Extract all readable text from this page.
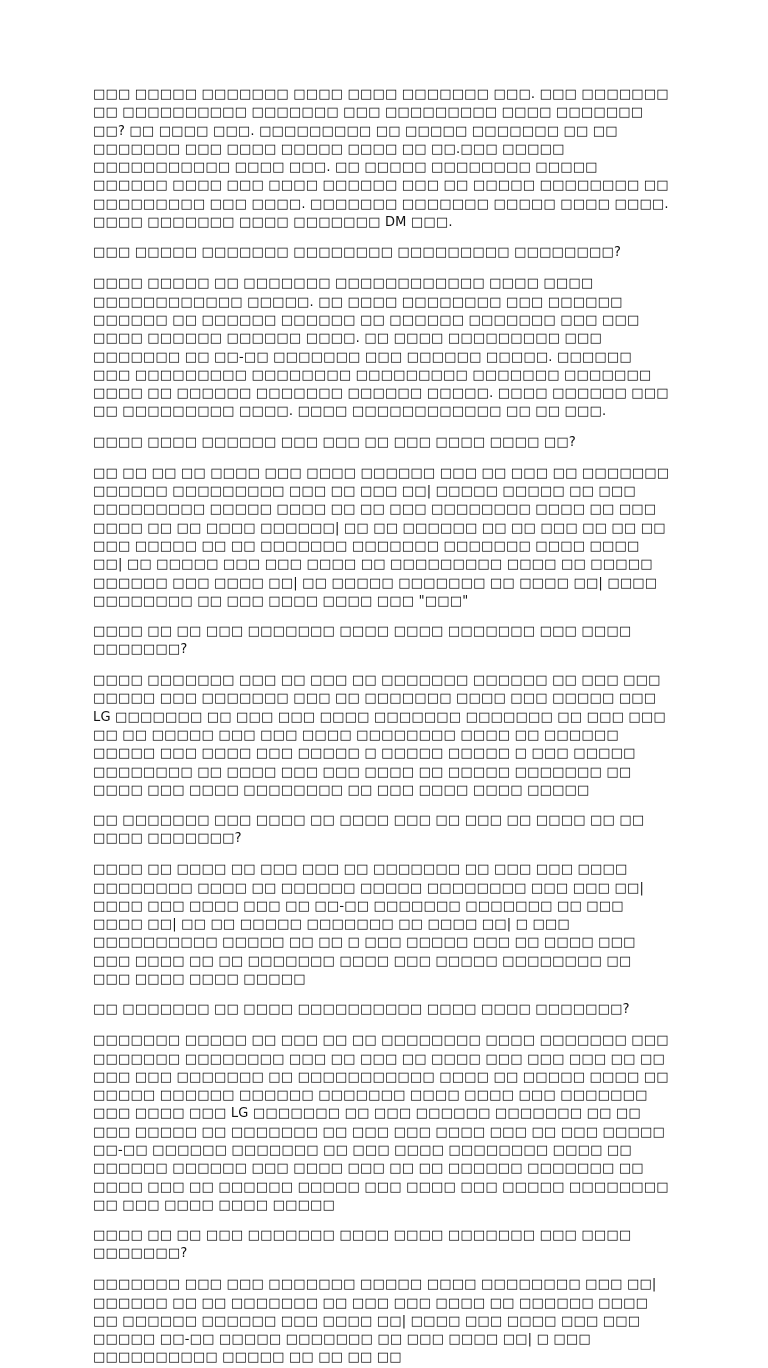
□□□ □□□□□ □□□□□□□ □□□□ □□□□ □□□□□□□ □□□. □□□ □□□□□□□ □□ □□□□□□□□□□ □□□□□□□ □□□ □□□□□□□□□ □□□□ □□□□□□□ □□? □□ □□□□ □□□. □□□□□□□□□ □□ □□□□□ □□□□□□□ □□ □□ □□□□□□□ □□□ □□□□ □□□□□ □□□□ □□ □□.□□□ □□□□□ □□□□□□□□□□□ □□□□ □□□. □□ □□□□□ □□□□□□□□ □□□□□ □□□□□□ □□□□ □□□ □□□□ □□□□□□ □□□ □□ □□□□□ □□□□□□□□ □□ □□□□□□□□□ □□□ □□□□. □□□□□□□ □□□□□□□ □□□□□ □□□□ □□□□. □□□□ □□□□□□□ □□□□ □□□□□□□ DM □□□.

□□□ □□□□□ □□□□□□□ □□□□□□□□ □□□□□□□□□ □□□□□□□□?

□□□□ □□□□□ □□ □□□□□□□ □□□□□□□□□□□□ □□□□ □□□□ □□□□□□□□□□□□ □□□□□. □□ □□□□ □□□□□□□□ □□□ □□□□□□ □□□□□□ □□ □□□□□□ □□□□□□ □□ □□□□□□ □□□□□□□ □□□ □□□ □□□□ □□□□□□ □□□□□□ □□□□. □□ □□□□ □□□□□□□□□ □□□ □□□□□□□ □□ □□-□□ □□□□□□□ □□□ □□□□□□ □□□□□. □□□□□□ □□□ □□□□□□□□□ □□□□□□□□ □□□□□□□□□ □□□□□□□ □□□□□□□ □□□□ □□ □□□□□□ □□□□□□□ □□□□□□ □□□□□. □□□□ □□□□□□ □□□ □□ □□□□□□□□□ □□□□. □□□□ □□□□□□□□□□□□ □□ □□ □□□.

□□□□ □□□□ □□□□□□ □□□ □□□ □□ □□□ □□□□ □□□□ □□?

□□ □□ □□ □□ □□□□ □□□ □□□□ □□□□□□ □□□ □□ □□□ □□ □□□□□□□ □□□□□□ □□□□□□□□□ □□□ □□ □□□ □□| □□□□□ □□□□□ □□ □□□ □□□□□□□□□ □□□□□ □□□□ □□ □□ □□□ □□□□□□□□ □□□□ □□ □□□ □□□□ □□ □□ □□□□ □□□□□□| □□ □□ □□□□□□ □□ □□ □□□ □□ □□ □□ □□□ □□□□□ □□ □□ □□□□□□□ □□□□□□□ □□□□□□□ □□□□ □□□□ □□| □□ □□□□□ □□□ □□□ □□□□ □□ □□□□□□□□□ □□□□ □□ □□□□□ □□□□□□ □□□ □□□□ □□| □□ □□□□□ □□□□□□□ □□ □□□□ □□| □□□□ □□□□□□□□ □□ □□□ □□□□ □□□□ □□□ "□□□"

□□□□ □□ □□ □□□ □□□□□□□ □□□□ □□□□ □□□□□□□ □□□ □□□□ □□□□□□□?

□□□□ □□□□□□□ □□□ □□ □□□ □□ □□□□□□□ □□□□□□ □□ □□□ □□□ □□□□□ □□□ □□□□□□□ □□□ □□ □□□□□□□ □□□□ □□□ □□□□□ □□□ LG □□□□□□□ □□ □□□ □□□ □□□□ □□□□□□□ □□□□□□□ □□ □□□ □□□ □□ □□ □□□□□ □□□ □□□ □□□□ □□□□□□□□ □□□□ □□ □□□□□□ □□□□□ □□□ □□□□ □□□ □□□□□ □ □□□□□ □□□□□ □ □□□ □□□□□ □□□□□□□□ □□ □□□□ □□□ □□□ □□□□ □□ □□□□□ □□□□□□□ □□ □□□□ □□□ □□□□ □□□□□□□□ □□ □□□ □□□□ □□□□ □□□□□

□□ □□□□□□□ □□□ □□□□ □□ □□□□ □□□ □□ □□□ □□ □□□□ □□ □□ □□□□ □□□□□□□?

□□□□ □□ □□□□ □□ □□□ □□□ □□ □□□□□□□ □□ □□□ □□□ □□□□ □□□□□□□□ □□□□ □□ □□□□□□ □□□□□ □□□□□□□□ □□□ □□□ □□| □□□□ □□□ □□□□ □□□ □□ □□-□□ □□□□□□□ □□□□□□□ □□ □□□ □□□□ □□| □□ □□ □□□□□ □□□□□□□ □□ □□□□ □□| □ □□□ □□□□□□□□□□ □□□□□ □□ □□ □ □□□ □□□□□ □□□ □□ □□□□ □□□ □□□ □□□□ □□ □□ □□□□□□□ □□□□ □□□ □□□□□ □□□□□□□□ □□ □□□ □□□□ □□□□ □□□□□

□□ □□□□□□□ □□ □□□□ □□□□□□□□□□ □□□□ □□□□ □□□□□□□?

□□□□□□□ □□□□□ □□ □□□ □□ □□ □□□□□□□□ □□□□ □□□□□□□ □□□ □□□□□□□ □□□□□□□□ □□□ □□ □□□ □□ □□□□ □□□ □□□ □□□ □□ □□ □□□ □□□ □□□□□□□ □□ □□□□□□□□□□□ □□□□ □□ □□□□□ □□□□ □□ □□□□□ □□□□□□ □□□□□□ □□□□□□□ □□□□ □□□□ □□□ □□□□□□□ □□□ □□□□ □□□ LG □□□□□□□ □□ □□□ □□□□□□ □□□□□□□ □□ □□ □□□ □□□□□ □□ □□□□□□□ □□ □□□ □□□ □□□□ □□□ □□ □□□ □□□□□ □□-□□ □□□□□□ □□□□□□□ □□ □□□ □□□□ □□□□□□□□ □□□□ □□ □□□□□□ □□□□□□ □□□ □□□□ □□□ □□ □□ □□□□□□ □□□□□□□ □□ □□□□ □□□ □□ □□□□□□ □□□□□ □□□ □□□□ □□□ □□□□□ □□□□□□□□ □□ □□□ □□□□ □□□□ □□□□□

□□□□ □□ □□ □□□ □□□□□□□ □□□□ □□□□ □□□□□□□ □□□ □□□□ □□□□□□□?

□□□□□□□ □□□ □□□ □□□□□□□ □□□□□ □□□□ □□□□□□□□ □□□ □□| □□□□□□ □□ □□ □□□□□□□ □□ □□□ □□□ □□□□ □□ □□□□□□ □□□□ □□ □□□□□□ □□□□□□ □□□ □□□□ □□| □□□□ □□□ □□□□ □□□ □□□ □□□□□ □□-□□ □□□□□ □□□□□□□ □□ □□□ □□□□ □□| □ □□□ □□□□□□□□□□ □□□□□ □□ □□ □□ □□
